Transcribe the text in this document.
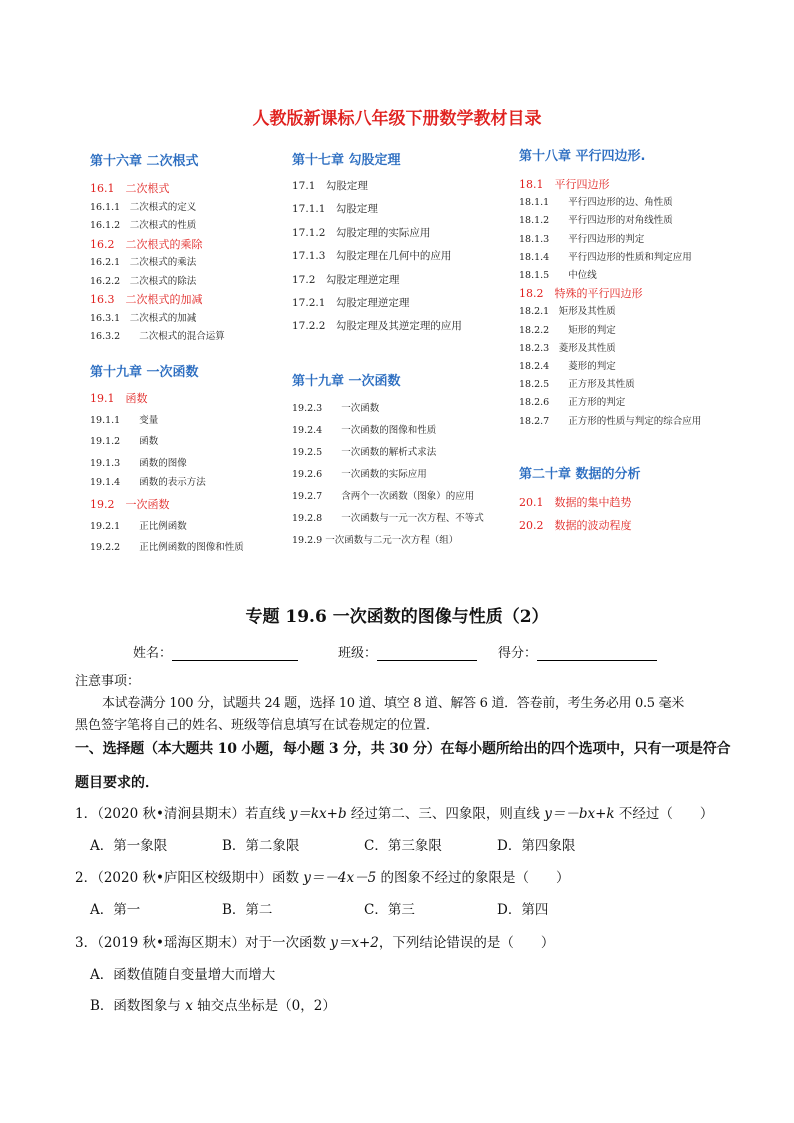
人教版新课标八年级下册数学教材目录
第十六章 二次根式
16.1　二次根式
16.1.1　二次根式的定义
16.1.2　二次根式的性质
16.2　二次根式的乘除
16.2.1　二次根式的乘法
16.2.2　二次根式的除法
16.3　二次根式的加减
16.3.1　二次根式的加减
16.3.2　　二次根式的混合运算
第十九章 一次函数
19.1　函数
19.1.1　　变量
19.1.2　　函数
19.1.3　　函数的图像
19.1.4　　函数的表示方法
19.2　一次函数
19.2.1　　正比例函数
19.2.2　　正比例函数的图像和性质
第十七章 勾股定理
17.1　勾股定理
17.1.1　勾股定理
17.1.2　勾股定理的实际应用
17.1.3　勾股定理在几何中的应用
17.2　勾股定理逆定理
17.2.1　勾股定理逆定理
17.2.2　勾股定理及其逆定理的应用
第十九章 一次函数
19.2.3　　一次函数
19.2.4　　一次函数的图像和性质
19.2.5　　一次函数的解析式求法
19.2.6　　一次函数的实际应用
19.2.7　　含两个一次函数（图象）的应用
19.2.8　　一次函数与一元一次方程、不等式
19.2.9 一次函数与二元一次方程（组）
第十八章 平行四边形.
18.1　平行四边形
18.1.1　　平行四边形的边、角性质
18.1.2　　平行四边形的对角线性质
18.1.3　　平行四边形的判定
18.1.4　　平行四边形的性质和判定应用
18.1.5　　中位线
18.2　特殊的平行四边形
18.2.1　矩形及其性质
18.2.2　　矩形的判定
18.2.3　菱形及其性质
18.2.4　　菱形的判定
18.2.5　　正方形及其性质
18.2.6　　正方形的判定
18.2.7　　正方形的性质与判定的综合应用
第二十章 数据的分析
20.1　数据的集中趋势
20.2　数据的波动程度
专题 19.6 一次函数的图像与性质（2）
姓名：	班级：	得分：
注意事项：
本试卷满分 100 分，试题共 24 题，选择 10 道、填空 8 道、解答 6 道．答卷前，考生务必用 0.5 毫米
黑色签字笔将自己的姓名、班级等信息填写在试卷规定的位置．
一、选择题（本大题共 10 小题，每小题 3 分，共 30 分）在每小题所给出的四个选项中，只有一项是符合
题目要求的．
1．（2020 秋•清涧县期末）若直线 y＝kx+b 经过第二、三、四象限，则直线 y＝－bx+k 不经过（　　）
A．第一象限	B．第二象限	C．第三象限	D．第四象限
2．（2020 秋•庐阳区校级期中）函数 y＝－4x－5 的图象不经过的象限是（　　）
A．第一	B．第二	C．第三	D．第四
3．（2019 秋•瑶海区期末）对于一次函数 y＝x+2，下列结论错误的是（　　）
A．函数值随自变量增大而增大
B．函数图象与 x 轴交点坐标是（0，2）
